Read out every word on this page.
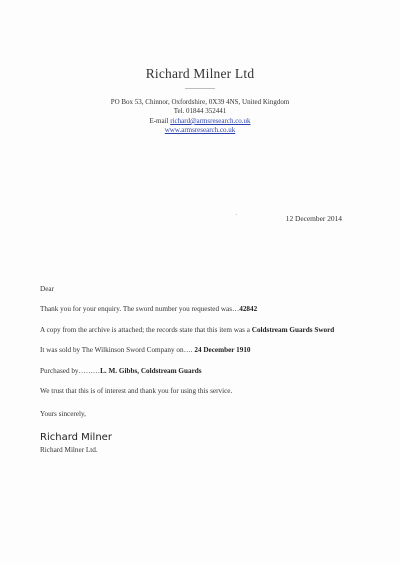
Richard Milner Ltd
PO Box 53, Chinnor, Oxfordshire, 0X39 4NS, United Kingdom
Tel. 01844 352441
E-mail richard@armsresearch.co.uk
www.armsresearch.co.uk
12 December 2014

Dear

Thank you for your enquiry. The sword number you requested was…42842

A copy from the archive is attached; the records state that this item was a Coldstream Guards Sword

It was sold by The Wilkinson Sword Company on…. 24 December 1910

Purchased by………L. M. Gibbs, Coldstream Guards

We trust that this is of interest and thank you for using this service.

Yours sincerely,

Richard Milner

Richard Milner Ltd.
